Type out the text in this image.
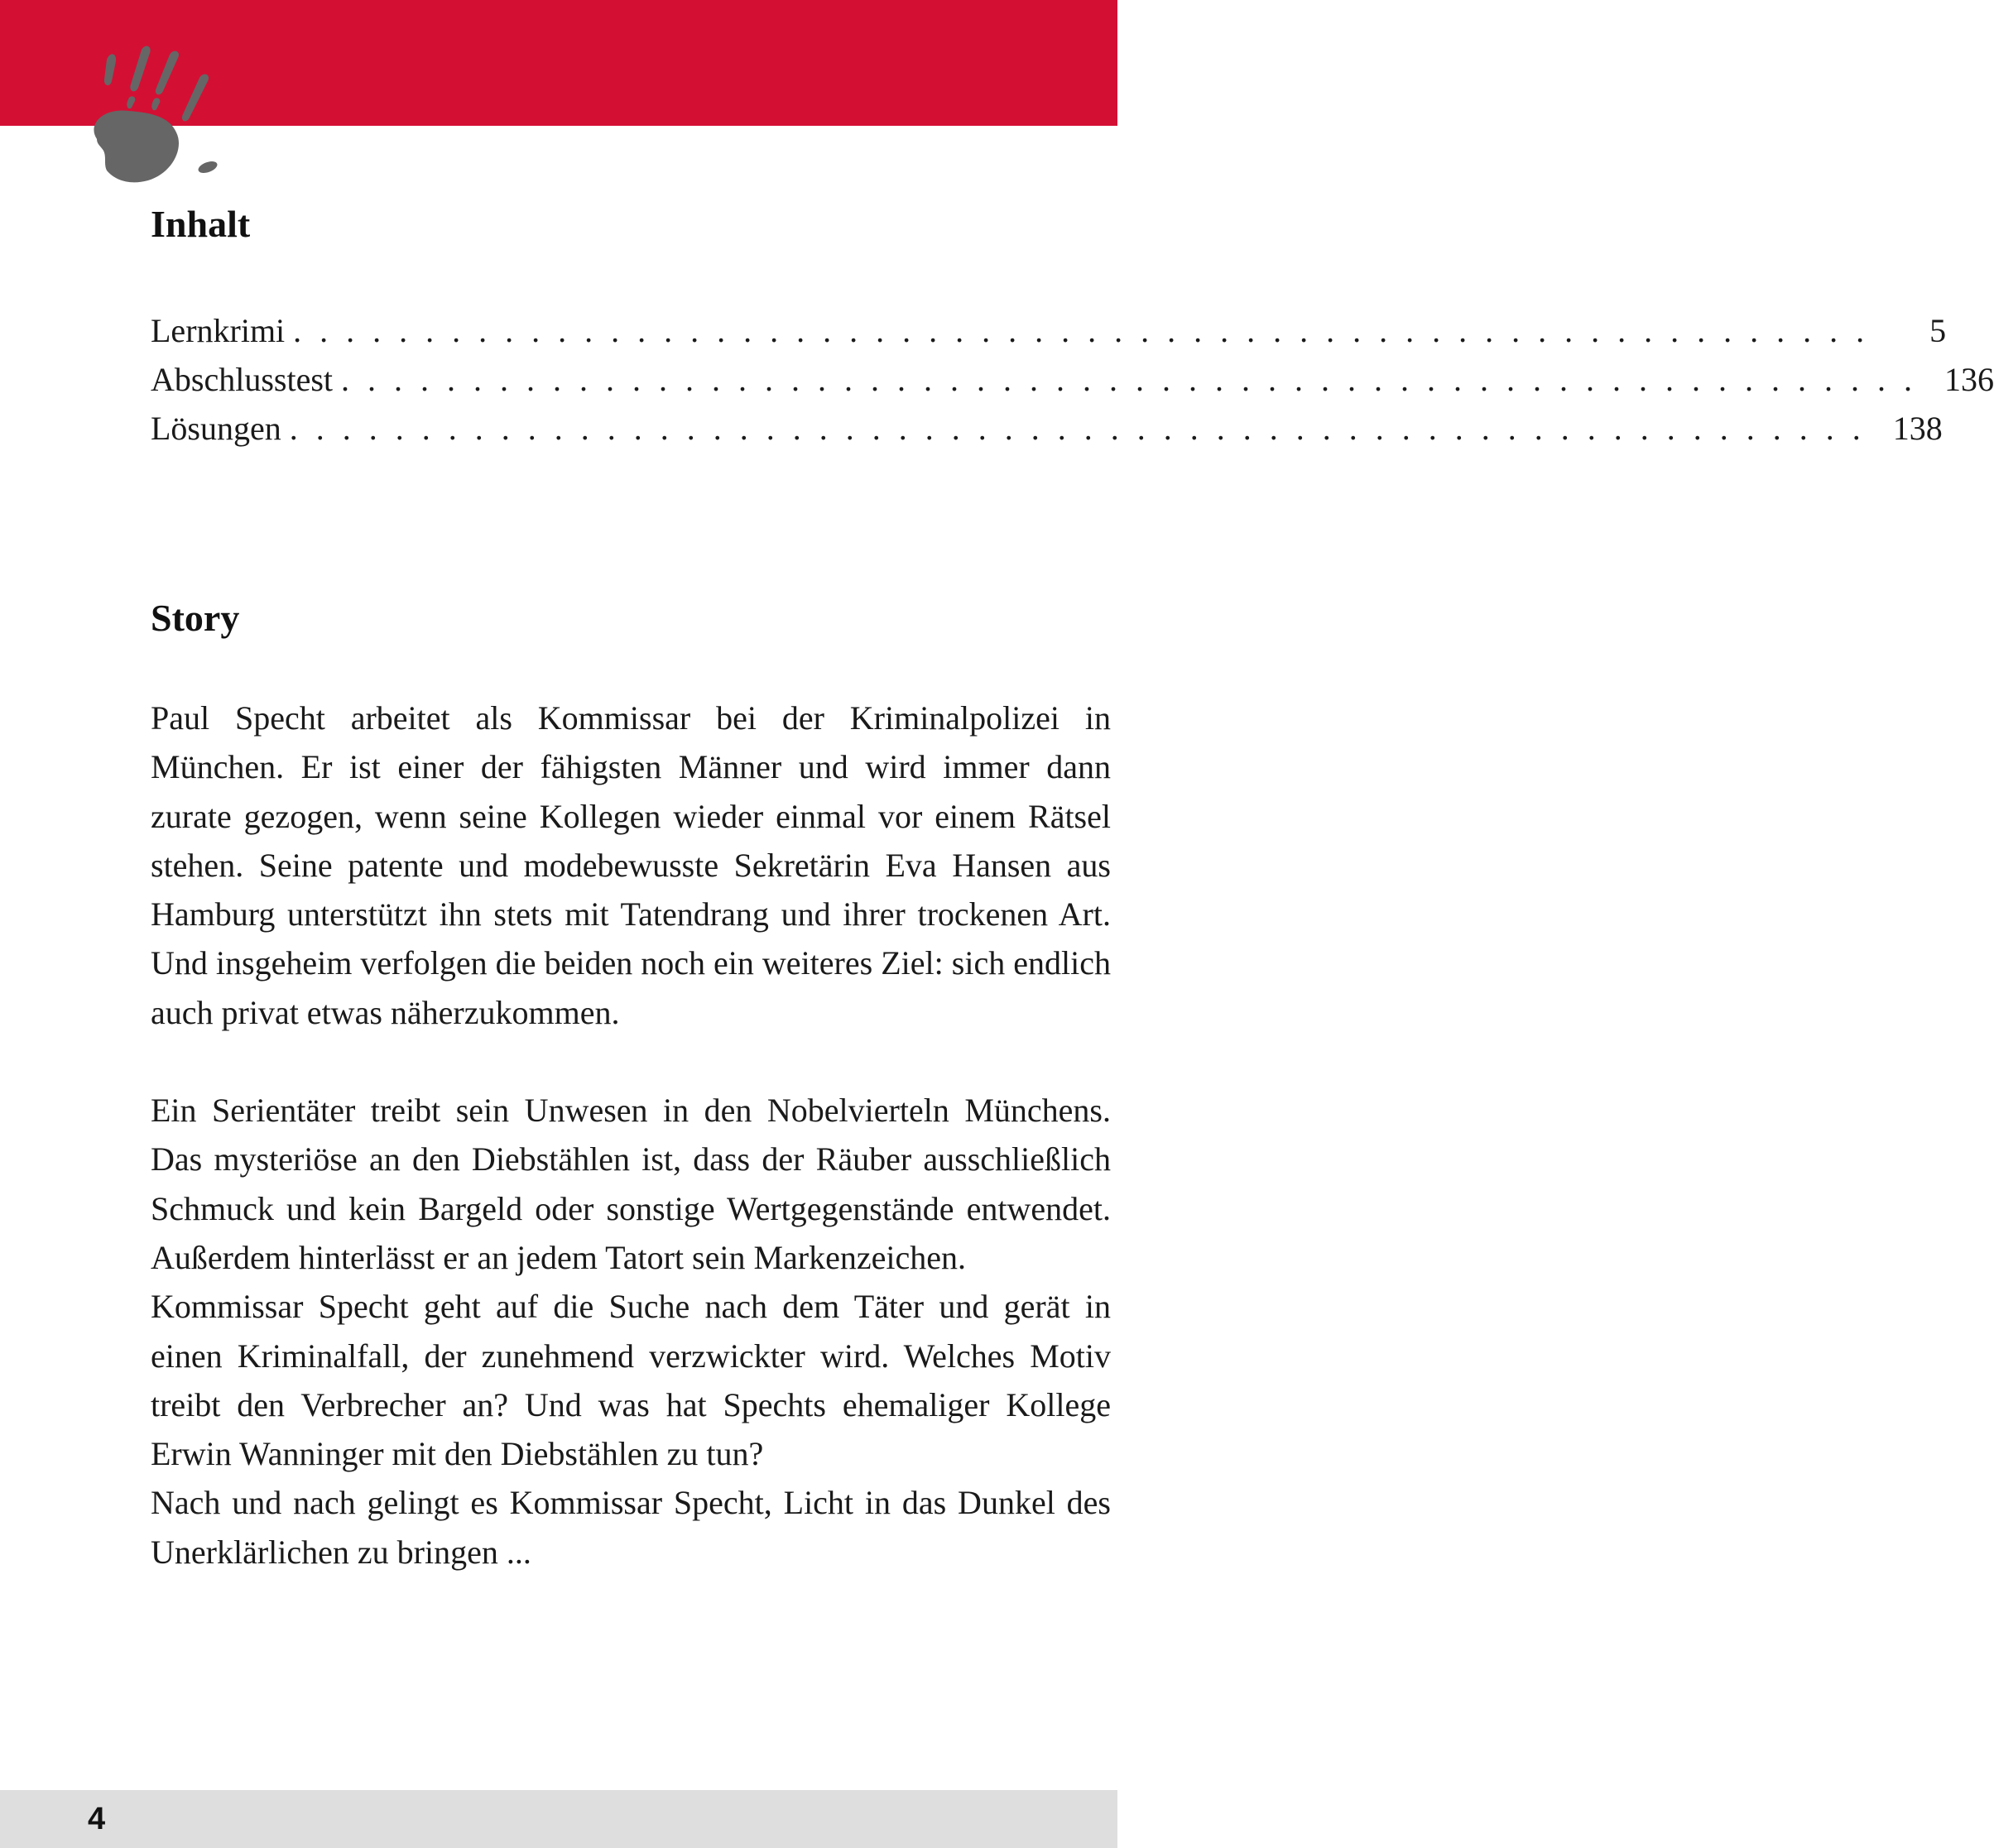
Inhalt
Lernkrimi . . . . . . . . . . . . . . . . . . . . . . . . . . . . . . . . . . . . . . . . . . . . . . . . . . . . . . . . . . . .	5
Abschlusstest . . . . . . . . . . . . . . . . . . . . . . . . . . . . . . . . . . . . . . . . . . . . . . . . . . . . . . . . . . . . 136
Lösungen . . . . . . . . . . . . . . . . . . . . . . . . . . . . . . . . . . . . . . . . . . . . . . . . . . . . . . . . . . . . 138
Story

Paul Specht arbeitet als Kommissar bei der Kriminalpolizei in München. Er ist einer der fähigsten Männer und wird immer dann zurate gezogen, wenn seine Kollegen wieder einmal vor einem Rätsel stehen. Seine patente und modebewusste Sekretärin Eva Hansen aus Hamburg unterstützt ihn stets mit Tatendrang und ihrer trockenen Art. Und insgeheim verfolgen die beiden noch ein weiteres Ziel: sich endlich auch privat etwas näherzukommen.

Ein Serientäter treibt sein Unwesen in den Nobelvierteln Münchens. Das mysteriöse an den Diebstählen ist, dass der Räuber ausschließlich Schmuck und kein Bargeld oder sonstige Wertgegenstände entwendet. Außerdem hinterlässt er an jedem Tatort sein Markenzeichen.

Kommissar Specht geht auf die Suche nach dem Täter und gerät in einen Kriminalfall, der zunehmend verzwickter wird. Welches Motiv treibt den Verbrecher an? Und was hat Spechts ehemaliger Kollege Erwin Wanninger mit den Diebstählen zu tun?

Nach und nach gelingt es Kommissar Specht, Licht in das Dunkel des Unerklärlichen zu bringen ...

4
